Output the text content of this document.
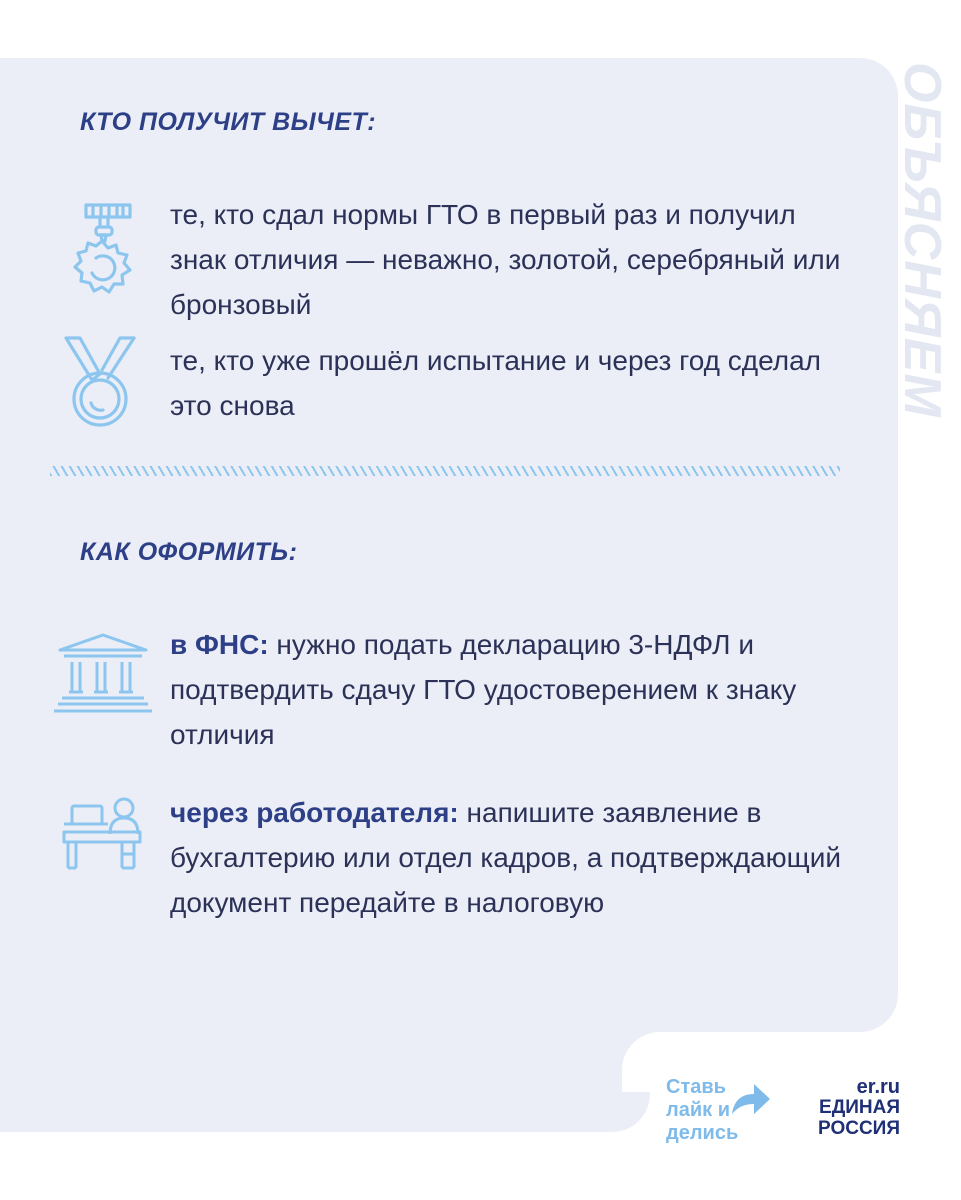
ОБЪЯСНЯЕМ
КТО ПОЛУЧИТ ВЫЧЕТ:
те, кто сдал нормы ГТО в первый раз и получил знак отличия — неважно, золотой, серебряный или бронзовый
те, кто уже прошёл испытание и через год сделал это снова
КАК ОФОРМИТЬ:
в ФНС: нужно подать декларацию 3-НДФЛ и подтвердить сдачу ГТО удостоверением к знаку отличия
через работодателя: напишите заявление в бухгалтерию или отдел кадров, а подтверждающий документ передайте в налоговую
Ставь лайк и делись
er.ru
ЕДИНАЯ РОССИЯ
